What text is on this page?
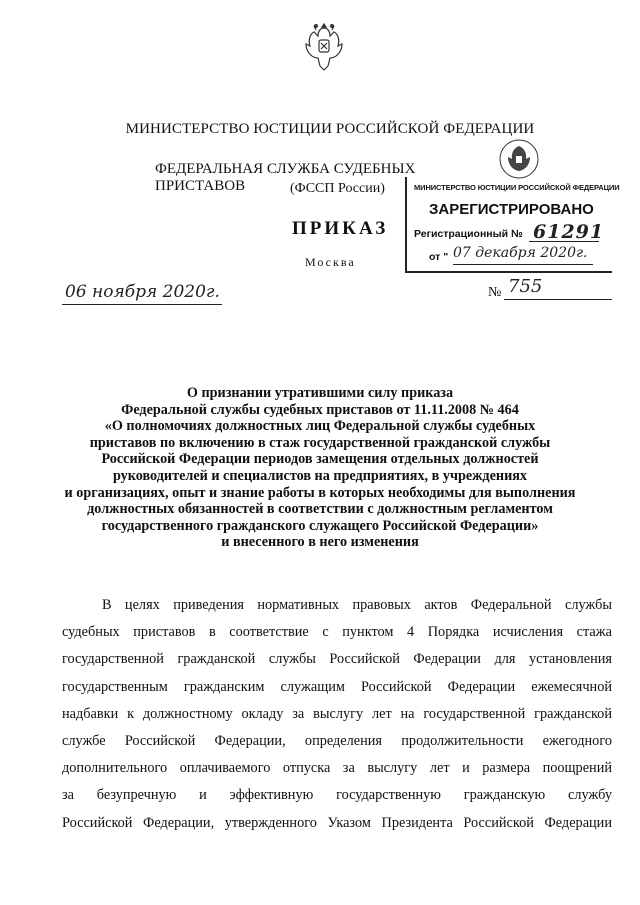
МИНИСТЕРСТВО ЮСТИЦИИ РОССИЙСКОЙ ФЕДЕРАЦИИ
ФЕДЕРАЛЬНАЯ СЛУЖБА СУДЕБНЫХ ПРИСТАВОВ	(ФССП России)
ПРИКАЗ
Москва
МИНИСТЕРСТВО ЮСТИЦИИ РОССИЙСКОЙ ФЕДЕРАЦИИ
ЗАРЕГИСТРИРОВАНО
Регистрационный № 61291
от " 07 декабря 2020г.
06 ноября 2020г.	№ 755
О признании утратившими силу приказа
Федеральной службы судебных приставов от 11.11.2008 № 464
«О полномочиях должностных лиц Федеральной службы судебных
приставов по включению в стаж государственной гражданской службы
Российской Федерации периодов замещения отдельных должностей
руководителей и специалистов на предприятиях, в учреждениях
и организациях, опыт и знание работы в которых необходимы для выполнения
должностных обязанностей в соответствии с должностным регламентом
государственного гражданского служащего Российской Федерации»
и внесенного в него изменения
В целях приведения нормативных правовых актов Федеральной службы
судебных приставов в соответствие с пунктом 4 Порядка исчисления стажа
государственной гражданской службы Российской Федерации для установления
государственным гражданским служащим Российской Федерации ежемесячной
надбавки к должностному окладу за выслугу лет на государственной гражданской
службе Российской Федерации, определения продолжительности ежегодного
дополнительного оплачиваемого отпуска за выслугу лет и размера поощрений
за безупречную и эффективную государственную гражданскую службу
Российской Федерации, утвержденного Указом Президента Российской Федерации
